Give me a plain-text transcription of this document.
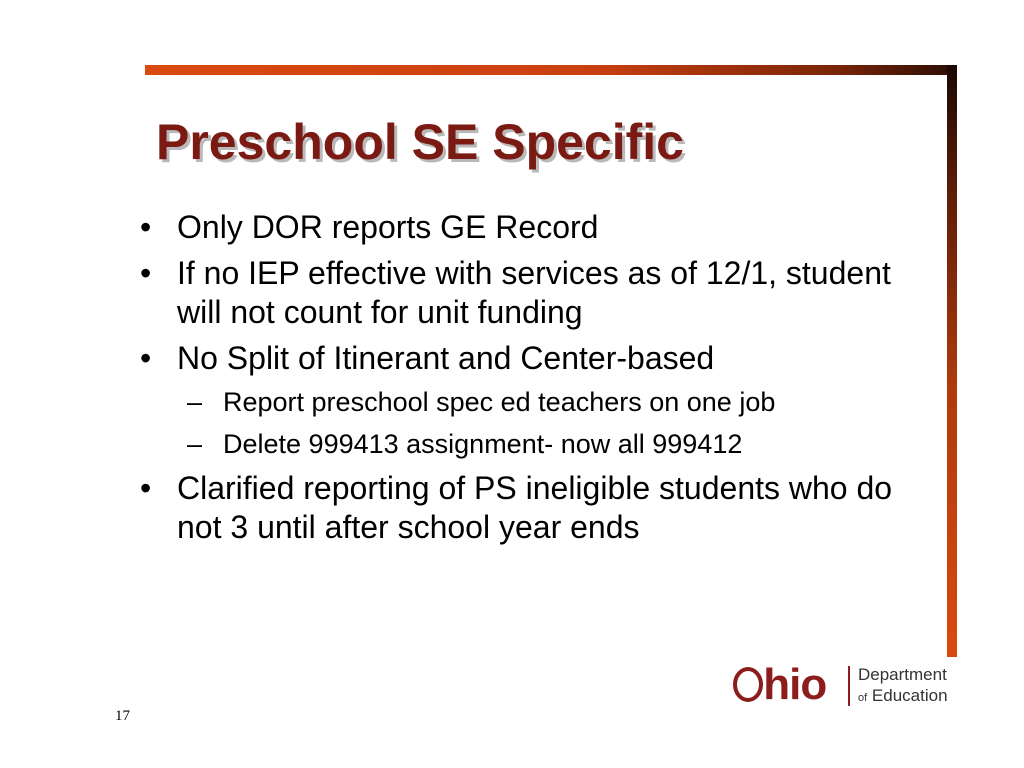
Preschool SE Specific
• Only DOR reports GE Record
• If no IEP effective with services as of 12/1, student will not count for unit funding
• No Split of Itinerant and Center-based
– Report preschool spec ed teachers on one job
– Delete 999413 assignment- now all 999412
• Clarified reporting of PS ineligible students who do not 3 until after school year ends
hio Department
of Education
17
